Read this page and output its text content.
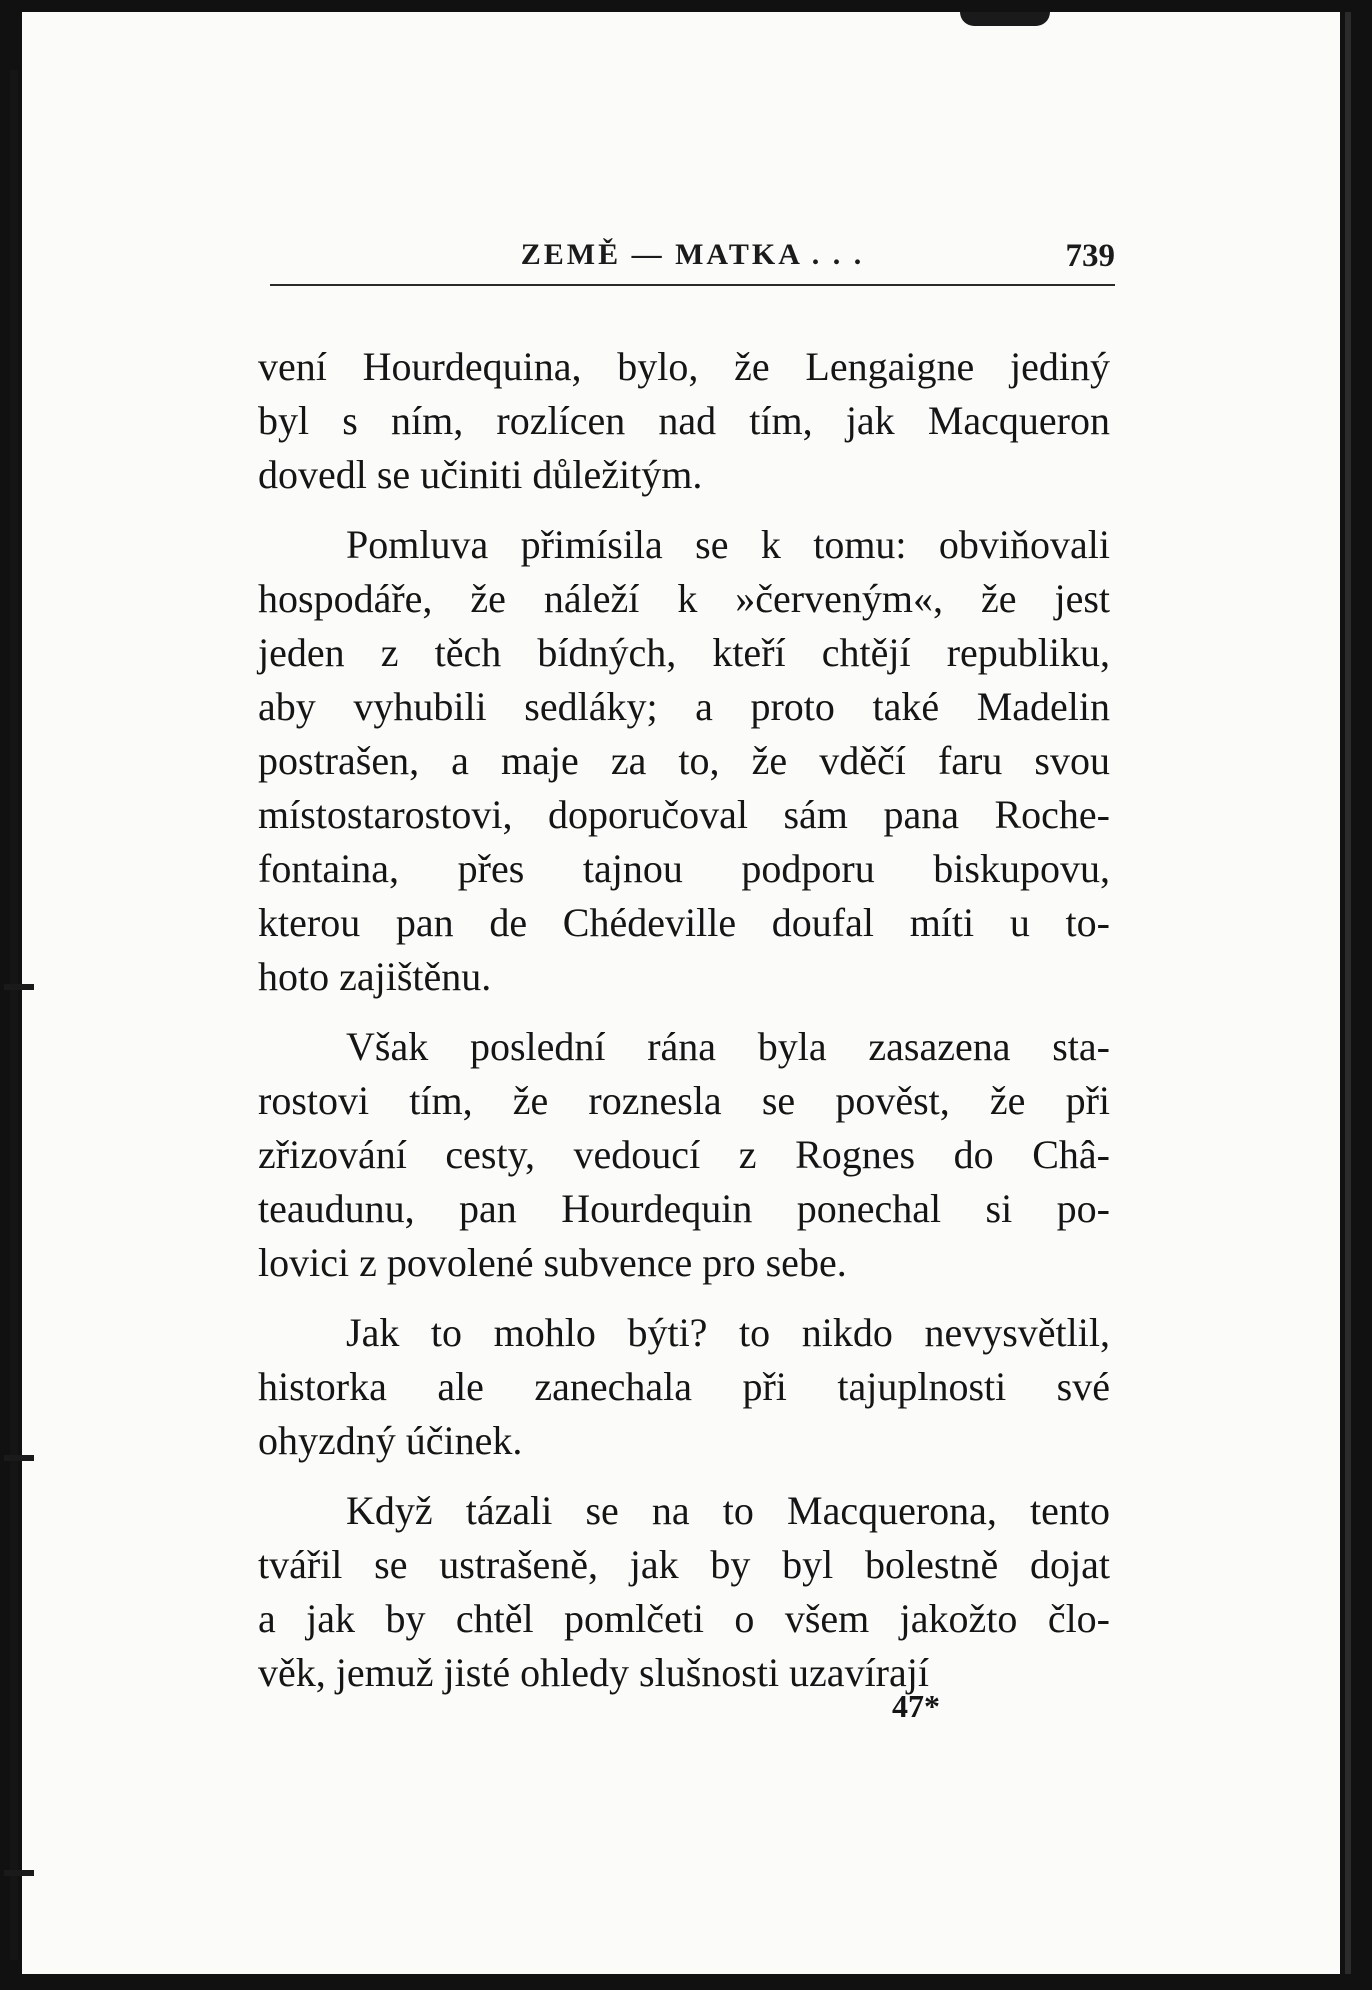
ZEMĚ — MATKA . . .	739
vení Hourdequina, bylo, že Lengaigne jediný
byl s ním, rozlícen nad tím, jak Macqueron
dovedl se učiniti důležitým.
Pomluva přimísila se k tomu: obviňovali
hospodáře, že náleží k »červeným«, že jest
jeden z těch bídných, kteří chtějí republiku,
aby vyhubili sedláky; a proto také Madelin
postrašen, a maje za to, že vděčí faru svou
místostarostovi, doporučoval sám pana Roche-
fontaina, přes tajnou podporu biskupovu,
kterou pan de Chédeville doufal míti u to-
hoto zajištěnu.
Však poslední rána byla zasazena sta-
rostovi tím, že roznesla se pověst, že při
zřizování cesty, vedoucí z Rognes do Châ-
teaudunu, pan Hourdequin ponechal si po-
lovici z povolené subvence pro sebe.
Jak to mohlo býti? to nikdo nevysvětlil,
historka ale zanechala při tajuplnosti své
ohyzdný účinek.
Když tázali se na to Macquerona, tento
tvářil se ustrašeně, jak by byl bolestně dojat
a jak by chtěl pomlčeti o všem jakožto člo-
věk, jemuž jisté ohledy slušnosti uzavírají
47*
